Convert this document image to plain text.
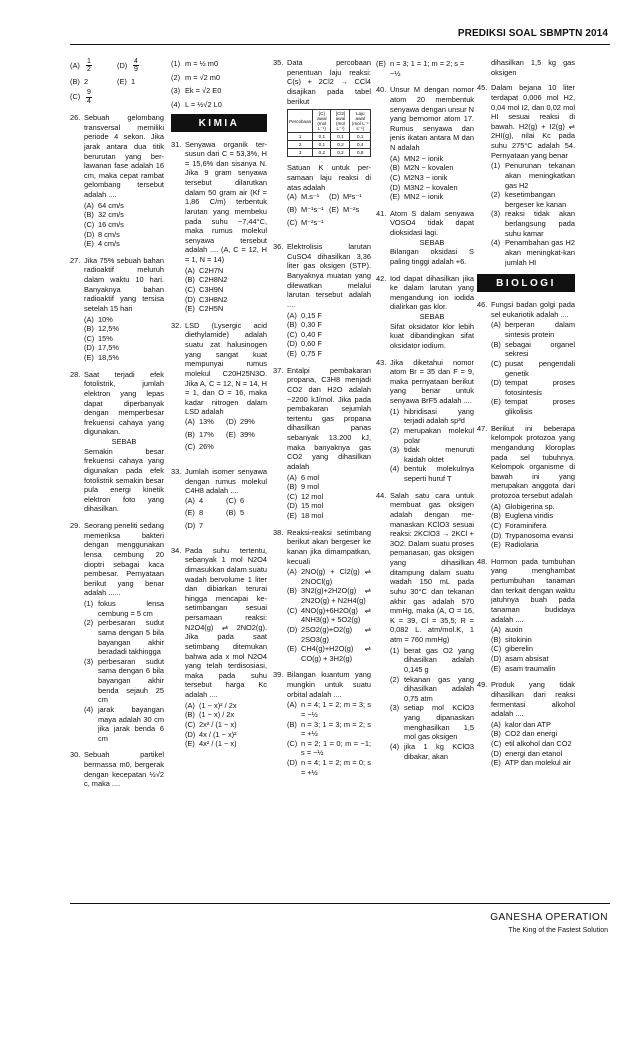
PREDIKSI SOAL SBMPTN 2014
$(A) \frac{1}{2}$	$(D) \frac{4}{9}$
(B) 2	(E) 1
$(C) \frac{9}{4}$
26. Sebuah gelombang transversal memiliki periode 4 sekon. Jika jarak antara dua titik berurutan yang ber-lawanan fase adalah 16 cm, maka cepat rambat gelombang tersebut adalah ....
(A) 64 cm/s
(B) 32 cm/s
(C) 16 cm/s
(D) 8 cm/s
(E) 4 cm/s
27. Jika 75% sebuah bahan radioaktif meluruh dalam waktu 10 hari. Banyaknya bahan radioaktif yang tersisa setelah 15 hari
(A) 10%
(B) 12,5%
(C) 15%
(D) 17,5%
(E) 18,5%
28. Saat terjadi efek fotolistrik, jumlah elektron yang lepas dapat diperbanyak dengan memperbesar frekuensi cahaya yang digunakan.
SEBAB
Semakin besar frekuensi cahaya yang digunakan pada efek fotolistrik semakin besar pula energi kinetik elektron foto yang dihasilkan.
29. Seorang peneliti sedang memeriksa bakteri dengan menggunakan lensa cembung 20 dioptri sebagai kaca pembesar. Pernyataan berikut yang benar adalah ......
(1) fokus lensa cembung = 5 cm
(2) perbesaran sudut sama dengan 5 bila bayangan akhir beradadi takhingga
(3) perbesaran sudut sama dengan 6 bila bayangan akhir benda sejauh 25 cm
(4) jarak bayangan maya adalah 30 cm jika jarak benda 6 cm
30. Sebuah partikel bermassa m0, bergerak dengan kecepatan ½√2 c, maka ....
(1) m = ½ m0
(2) m = √2 m0
(3) Ek = √2 E0
(4) L = ½√2 L0
KIMIA
31. Senyawa organik ter-susun dari C = 53,3%, H = 15,6% dan sisanya N. Jika 9 gram senyawa tersebut dilarutkan dalam 50 gram air (Kf = 1,86 C/m) terbentuk larutan yang membeku pada suhu −7,44°C, maka rumus molekul senyawa tersebut adalah .... (A, C = 12, H = 1, N = 14)
(A) C2H7N
(B) C2H8N2
(C) C3H9N
(D) C3H8N2
(E) C2H5N
32. LSD (Lysergic acid diethylamide) adalah suatu zat halusinogen yang sangat kuat mempunyai rumus molekul C20H25N3O. Jika A, C = 12, N = 14, H = 1, dan O = 16, maka kadar nitrogen dalam LSD adalah
(A) 13%	(D) 29%
(B) 17%	(E) 39%
(C) 26%
33. Jumlah isomer senyawa dengan rumus molekul C4H8 adalah ....
(A) 4	(C) 6
(E) 8	(B) 5
(D) 7
34. Pada suhu tertentu, sebanyak 1 mol N2O4 dimasukkan dalam suatu wadah bervolume 1 liter dan dibiarkan terurai hingga mencapai ke-setimbangan sesuai persamaan reaksi: N2O4(g) ⇌ 2NO2(g). Jika pada saat setimbang ditemukan bahwa ada x mol N2O4 yang telah terdisosiasi, maka pada suhu tersebut harga Kc adalah ....
(A) (1 − x)² / 2x
(B) (1 − x) / 2x
(C) 2x² / (1 − x)
(D) 4x / (1 − x)²
(E) 4x² / (1 − x)
35. Data percobaan penentuan laju reaksi: C(s) + 2Cl2 → CCl4 disajikan pada tabel berikut
Percobaan	[C] awal (mol L⁻¹)	[Cl2] awal (mol L⁻¹)	Laju awal (mol L⁻¹ s⁻¹)
1	0,1	0,1	0,1
2	0,1	0,2	0,4
3	0,2	0,2	0,8
Satuan K untuk per-samaan laju reaksi di atas adalah
(A) M.s⁻¹	(D) M²s⁻¹
(B) M⁻¹s⁻¹ (E) M⁻²s
(C) M⁻²s⁻¹
36. Elektrolisis larutan CuSO4 dihasilkan 3,36 liter gas oksigen (STP). Banyaknya muatan yang dilewatkan melalui larutan tersebut adalah ....
(A) 0,15 F
(B) 0,30 F
(C) 0,40 F
(D) 0,60 F
(E) 0,75 F
37. Entalpi pembakaran propana, C3H8 menjadi CO2 dan H2O adalah −2200 kJ/mol. Jika pada pembakaran sejumlah tertentu gas propana dihasilkan panas sebanyak 13.200 kJ, maka banyaknya gas CO2 yang dihasilkan adalah
(A) 6 mol
(B) 9 mol
(C) 12 mol
(D) 15 mol
(E) 18 mol
38. Reaksi-reaksi setimbang berikut akan bergeser ke kanan jika dimampatkan, kecuali
(A) 2NO(g) + Cl2(g) ⇌ 2NOCl(g)
(B) 3N2(g)+2H2O(g) ⇌ 2N2O(g) + N2H4(g)
(C) 4NO(g)+6H2O(g) ⇌ 4NH3(g) + 5O2(g)
(D) 2SO2(g)+O2(g) ⇌ 2SO3(g)
(E) CH4(g)+H2O(g) ⇌ CO(g) + 3H2(g)
39. Bilangan kuantum yang mungkin untuk suatu orbital adalah ....
(A) n = 4; 1 = 2; m = 3; s = −½
(B) n = 3; 1 = 3; m = 2; s = +½
(C) n = 2; 1 = 0; m = −1; s = −½
(D) n = 4; 1 = 2; m = 0; s = +½
(E) n = 3; 1 = 1; m = 2; s = −½
40. Unsur M dengan nomor atom 20 membentuk senyawa dengan unsur N yang bernomor atom 17. Rumus senyawa dan jenis ikatan antara M dan N adalah
(A) MN2 − ionik
(B) M2N − kovalen
(C) M2N3 − ionik
(D) M3N2 − kovalen
(E) MN2 − ionik
41. Atom S dalam senyawa VOSO4 tidak dapat dioksidasi lagi.
SEBAB
Bilangan oksidasi S paling tinggi adalah +6.
42. Iod dapat dihasilkan jika ke dalam larutan yang mengandung ion iodida dialirkan gas klor.
SEBAB
Sifat oksidator klor lebih kuat dibandingkan sifat oksidator iodium.
43. Jika diketahui nomor atom Br = 35 dan F = 9, maka pernyataan berikut yang benar untuk senyawa BrF5 adalah ....
(1) hibridisasi yang terjadi adalah sp³d
(2) merupakan molekul polar
(3) tidak menuruti kaidah oktet
(4) bentuk molekulnya seperti huruf T
44. Salah satu cara untuk membuat gas oksigen adalah dengan me-manaskan KClO3 sesuai reaksi: 2KClO3 → 2KCl + 3O2. Dalam suatu proses pemanasan, gas oksigen yang dihasilkan ditampung dalam suatu wadah 150 mL pada suhu 30°C dan tekanan akhir gas adalah 570 mmHg, maka (A, O = 16, K = 39, Cl = 35,5; R = 0,082 L. atm/mol.K, 1 atm = 760 mmHg)
(1) berat gas O2 yang dihasilkan adalah 0,145 g
(2) tekanan gas yang dihasilkan adalah 0,75 atm
(3) setiap mol KClO3 yang dipanaskan menghasilkan 1,5 mol gas oksigen
(4) jika 1 kg KClO3 dibakar, akan
dihasilkan 1,5 kg gas oksigen
45. Dalam bejana 10 liter terdapat 0,006 mol H2, 0,04 mol I2, dan 0,02 mol HI sesuai reaksi di bawah. H2(g) + I2(g) ⇌ 2HI(g), nilai Kc pada suhu 275°C adalah 54. Pernyataan yang benar
(1) Penurunan tekanan akan meningkatkan gas H2
(2) kesetimbangan bergeser ke kanan
(3) reaksi tidak akan berlangsung pada suhu kamar
(4) Penambahan gas H2 akan meningkat-kan jumlah HI
BIOLOGI
46. Fungsi badan golgi pada sel eukariotik adalah ....
(A) berperan dalam sintesis protein
(B) sebagai organel sekresi
(C) pusat pengendali genetik
(D) tempat proses fotosintesis
(E) tempat proses glikolisis
47. Berikut ini beberapa kelompok protozoa yang mengandung kloroplas pada sel tubuhnya. Kelompok organisme di bawah ini yang merupakan anggota dari protozoa tersebut adalah
(A) Globigerina sp.
(B) Euglena viridis
(C) Foraminifera
(D) Trypanosoma evansi
(E) Radiolaria
48. Hormon pada tumbuhan yang menghambat pertumbuhan tanaman dan terkait dengan waktu jatuhnya buah pada tanaman budidaya adalah ....
(A) auxin
(B) sitokinin
(C) giberelin
(D) asam absisat
(E) asam traumalin
49. Produk yang tidak dihasilkan dari reaksi fermentasi alkohol adalah ....
(A) kalor dan ATP
(B) CO2 dan energi
(C) etil alkohol dan CO2
(D) energi dan etanol
(E) ATP dan molekul air
GANESHA OPERATION
The King of the Fastest Solution
